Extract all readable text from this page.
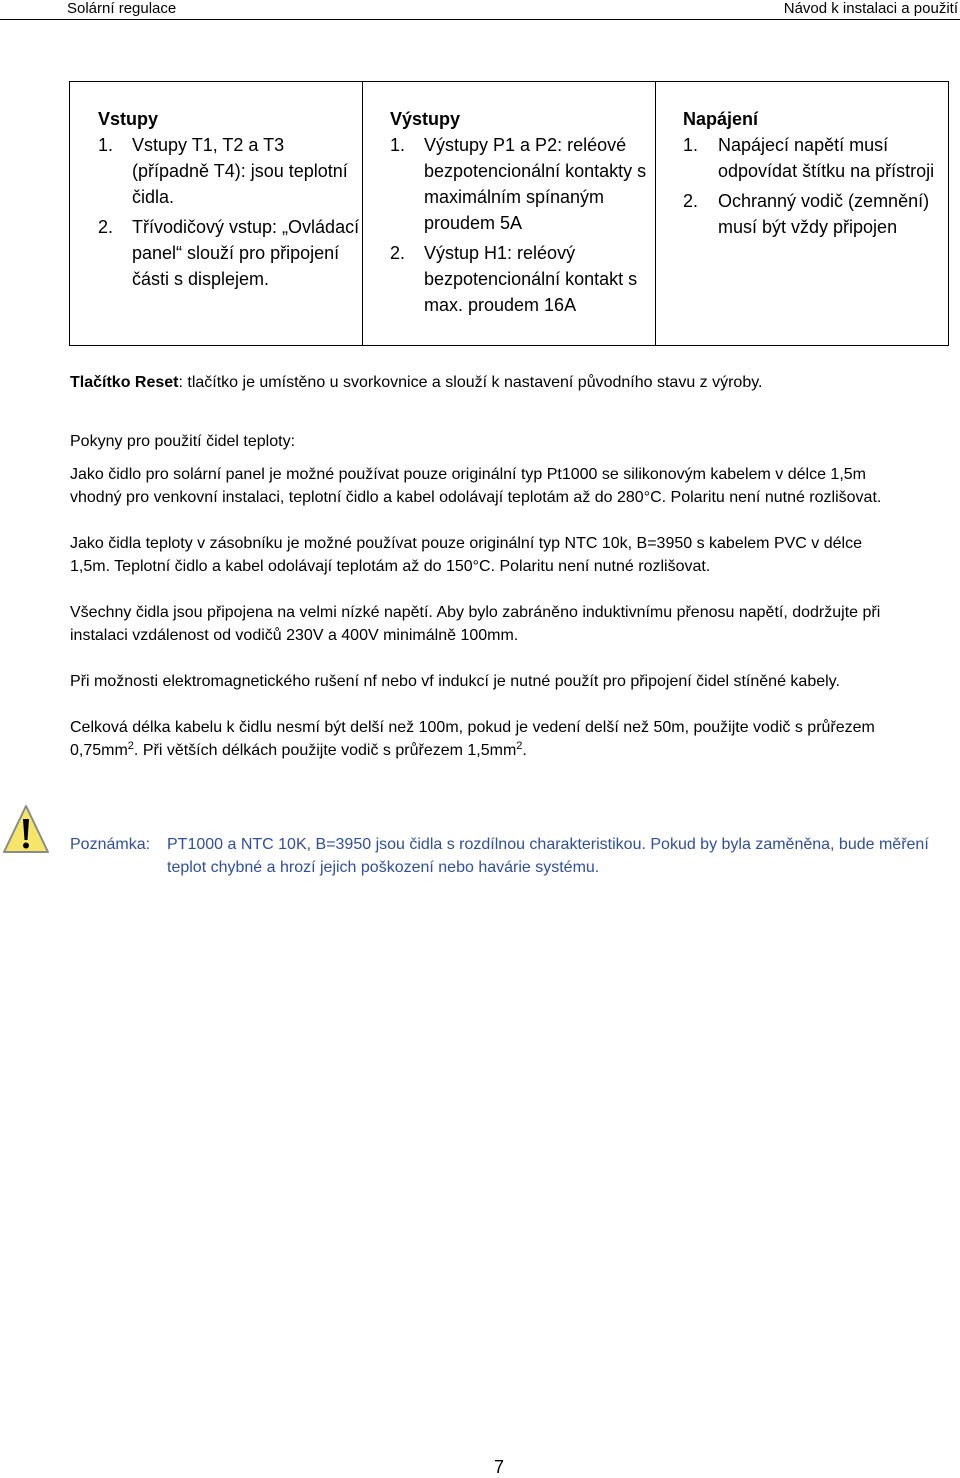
Solární regulace	Návod k instalaci a použití
Vstupy
1. Vstupy T1, T2 a T3 (případně T4): jsou teplotní čidla.
2. Třívodičový vstup: „Ovládací panel“ slouží pro připojení části s displejem.
Výstupy
1. Výstupy P1 a P2: reléové bezpotencionální kontakty s maximálním spínaným proudem 5A
2. Výstup H1: reléový bezpotencionální kontakt s max. proudem 16A
Napájení
1. Napájecí napětí musí odpovídat štítku na přístroji
2. Ochranný vodič (zemnění) musí být vždy připojen

Tlačítko Reset: tlačítko je umístěno u svorkovnice a slouží k nastavení původního stavu z výroby.

Pokyny pro použití čidel teploty:

Jako čidlo pro solární panel je možné používat pouze originální typ Pt1000 se silikonovým kabelem v délce 1,5m vhodný pro venkovní instalaci, teplotní čidlo a kabel odolávají teplotám až do 280°C. Polaritu není nutné rozlišovat.

Jako čidla teploty v zásobníku je možné používat pouze originální typ NTC 10k, B=3950 s kabelem PVC v délce 1,5m. Teplotní čidlo a kabel odolávají teplotám až do 150°C. Polaritu není nutné rozlišovat.

Všechny čidla jsou připojena na velmi nízké napětí. Aby bylo zabráněno induktivnímu přenosu napětí, dodržujte při instalaci vzdálenost od vodičů 230V a 400V minimálně 100mm.

Při možnosti elektromagnetického rušení nf nebo vf indukcí je nutné použít pro připojení čidel stíněné kabely.

Celková délka kabelu k čidlu nesmí být delší než 100m, pokud je vedení delší než 50m, použijte vodič s průřezem $0,75mm^2$. Při větších délkách použijte vodič s průřezem $1,5mm^2$.

Poznámka: PT1000 a NTC 10K, B=3950 jsou čidla s rozdílnou charakteristikou. Pokud by byla zaměněna, bude měření teplot chybné a hrozí jejich poškození nebo havárie systému.
7
